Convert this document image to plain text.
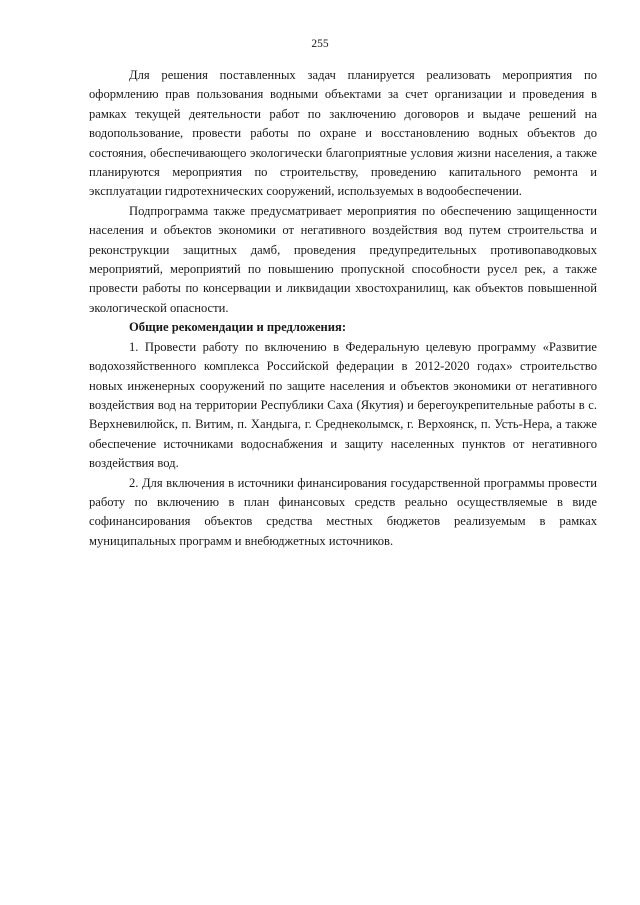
255

Для решения поставленных задач планируется реализовать мероприятия по оформлению прав пользования водными объектами за счет организации и проведения в рамках текущей деятельности работ по заключению договоров и выдаче решений на водопользование, провести работы по охране и восстановлению водных объектов до состояния, обеспечивающего экологически благоприятные условия жизни населения, а также планируются мероприятия по строительству, проведению капитального ремонта и эксплуатации гидротехнических сооружений, используемых в водообеспечении.

Подпрограмма также предусматривает мероприятия по обеспечению защищенности населения и объектов экономики от негативного воздействия вод путем строительства и реконструкции защитных дамб, проведения предупредительных противопаводковых мероприятий, мероприятий по повышению пропускной способности русел рек, а также провести работы по консервации и ликвидации хвостохранилищ, как объектов повышенной экологической опасности.

Общие рекомендации и предложения:

1. Провести работу по включению в Федеральную целевую программу «Развитие водохозяйственного комплекса Российской федерации в 2012-2020 годах» строительство новых инженерных сооружений по защите населения и объектов экономики от негативного воздействия вод на территории Республики Саха (Якутия) и берегоукрепительные работы в с. Верхневилюйск, п. Витим, п. Хандыга, г. Среднеколымск, г. Верхоянск, п. Усть-Нера, а также обеспечение источниками водоснабжения и защиту населенных пунктов от негативного воздействия вод.

2. Для включения в источники финансирования государственной программы провести работу по включению в план финансовых средств реально осуществляемые в виде софинансирования объектов средства местных бюджетов реализуемым в рамках муниципальных программ и внебюджетных источников.
